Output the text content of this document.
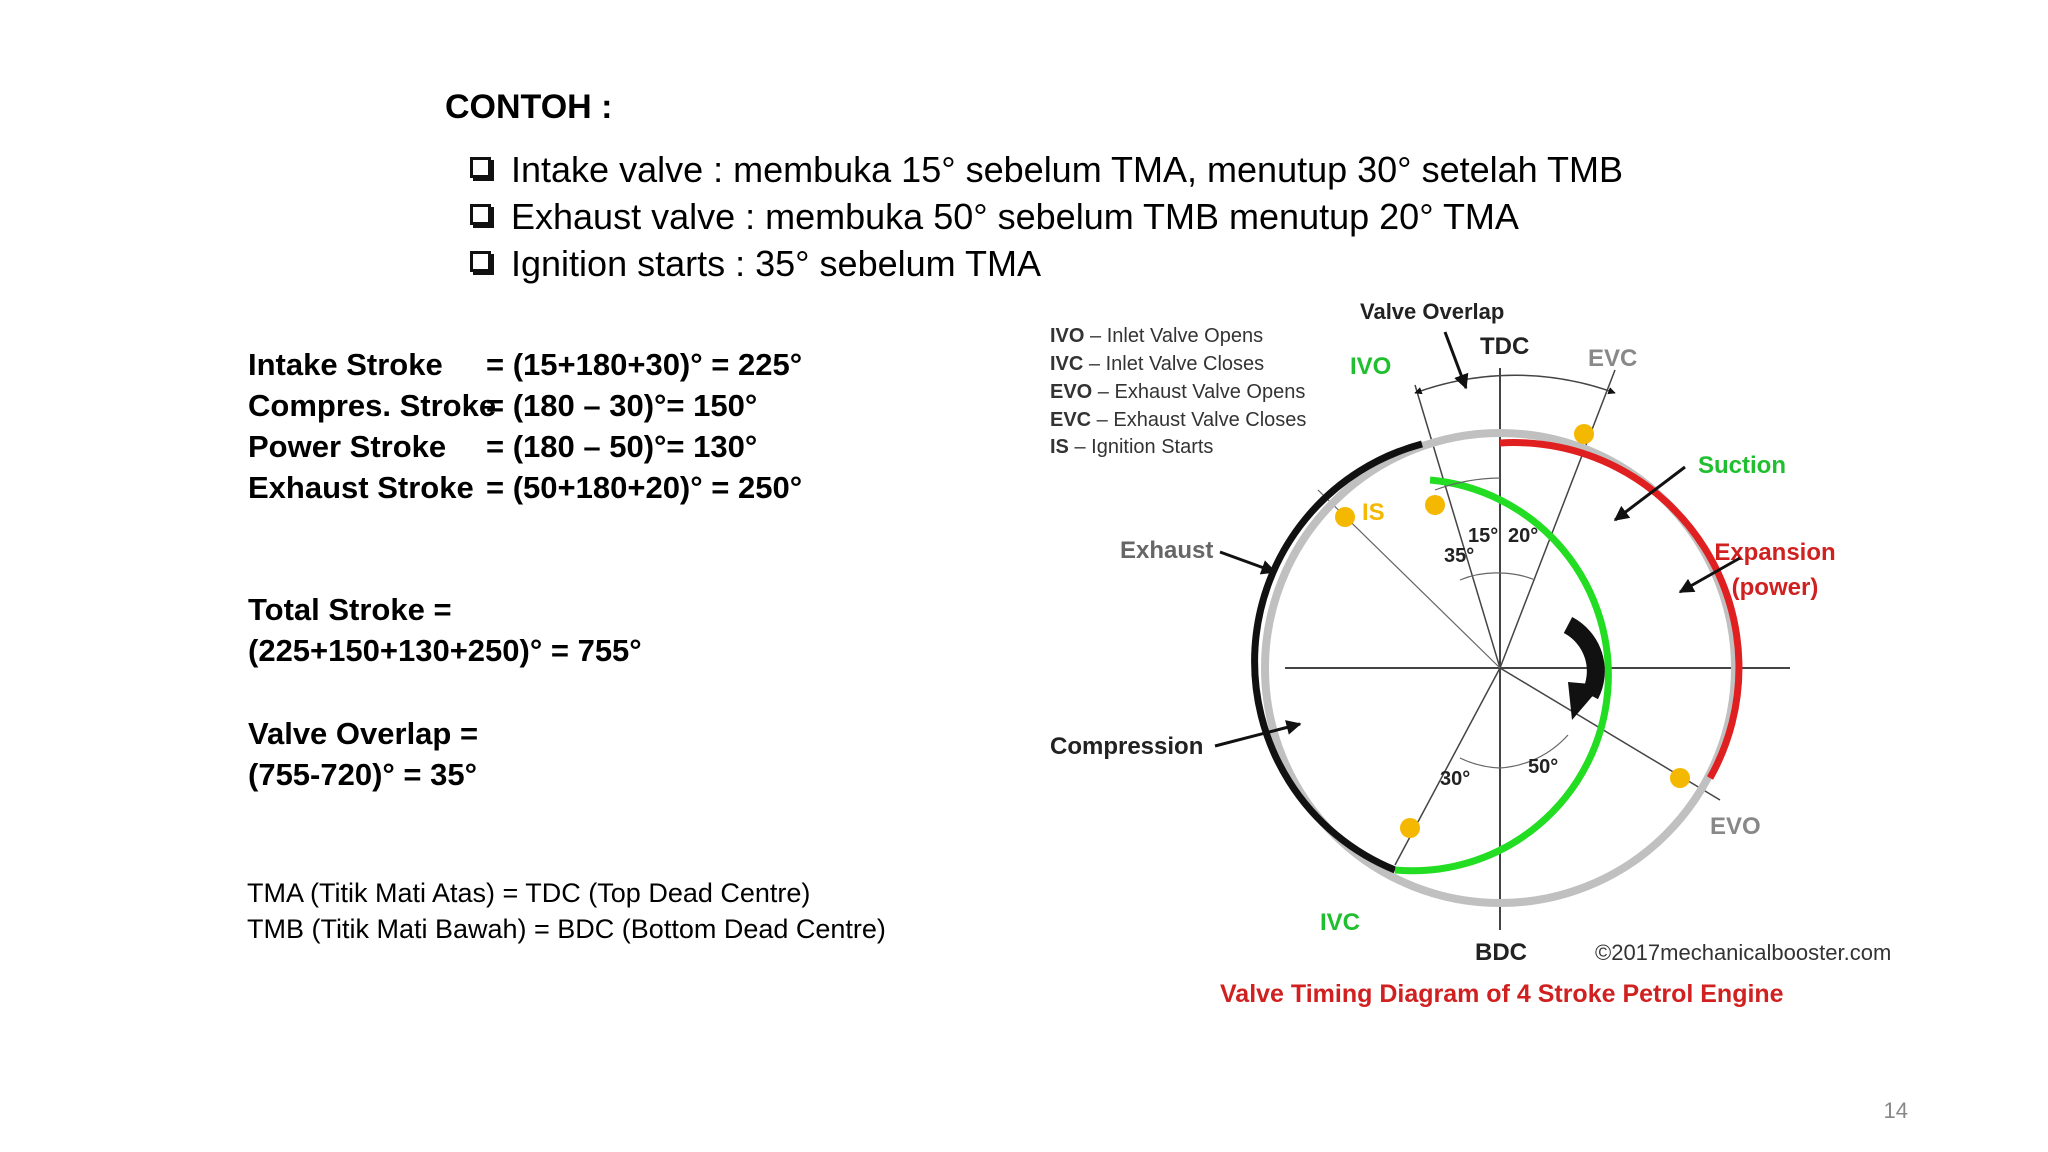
CONTOH :
Intake valve : membuka 15° sebelum TMA, menutup 30° setelah TMB
Exhaust valve : membuka 50° sebelum TMB menutup 20° TMA
Ignition starts : 35° sebelum TMA
Intake Stroke = (15+180+30)° = 225°
Compres. Stroke= (180 – 30)°= 150°
Power Stroke = (180 – 50)°= 130°
Exhaust Stroke = (50+180+20)° = 250°
Total Stroke =
(225+150+130+250)° = 755°
Valve Overlap =
(755-720)° = 35°
TMA (Titik Mati Atas) = TDC (Top Dead Centre)
TMB (Titik Mati Bawah) = BDC (Bottom Dead Centre)
14
IVO – Inlet Valve Opens
IVC – Inlet Valve Closes
EVO – Exhaust Valve Opens
EVC – Exhaust Valve Closes
IS – Ignition Starts
Valve Overlap
TDC
IVO	EVC
IS
Suction
Expansion
(power)
Exhaust
Compression
35°
15° 20°
30°
50°
EVO
IVC
BDC	©2017mechanicalbooster.com
Valve Timing Diagram of 4 Stroke Petrol Engine
